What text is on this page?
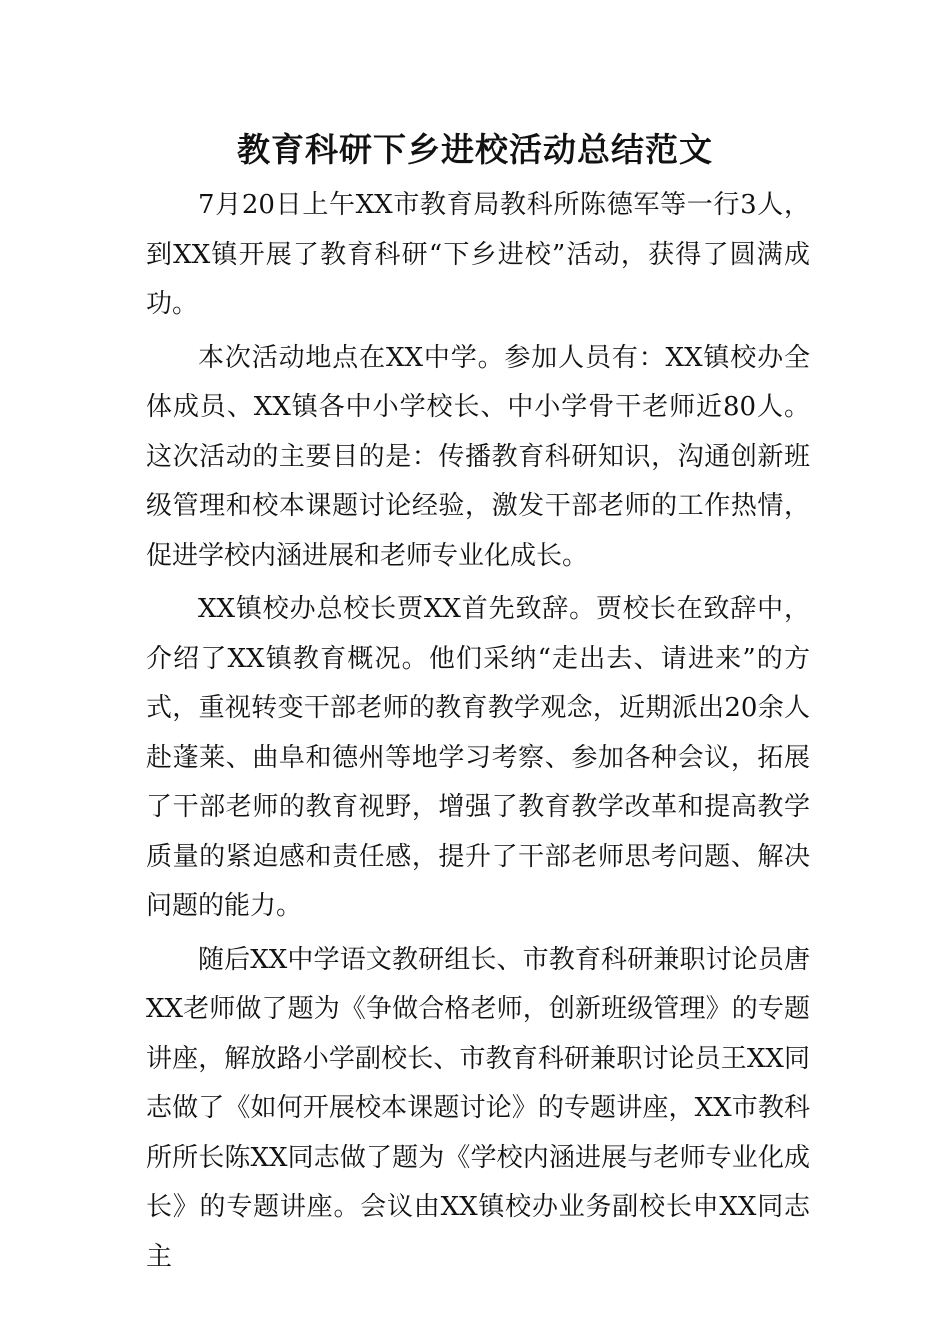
教育科研下乡进校活动总结范文

7月20日上午XX市教育局教科所陈德军等一行3人，到XX镇开展了教育科研“下乡进校”活动，获得了圆满成功。

本次活动地点在XX中学。参加人员有：XX镇校办全体成员、XX镇各中小学校长、中小学骨干老师近80人。这次活动的主要目的是：传播教育科研知识，沟通创新班级管理和校本课题讨论经验，激发干部老师的工作热情，促进学校内涵进展和老师专业化成长。

XX镇校办总校长贾XX首先致辞。贾校长在致辞中，介绍了XX镇教育概况。他们采纳“走出去、请进来”的方式，重视转变干部老师的教育教学观念，近期派出20余人赴蓬莱、曲阜和德州等地学习考察、参加各种会议，拓展了干部老师的教育视野，增强了教育教学改革和提高教学质量的紧迫感和责任感，提升了干部老师思考问题、解决问题的能力。

随后XX中学语文教研组长、市教育科研兼职讨论员唐XX老师做了题为《争做合格老师，创新班级管理》的专题讲座，解放路小学副校长、市教育科研兼职讨论员王XX同志做了《如何开展校本课题讨论》的专题讲座，XX市教科所所长陈XX同志做了题为《学校内涵进展与老师专业化成长》的专题讲座。会议由XX镇校办业务副校长申XX同志主
